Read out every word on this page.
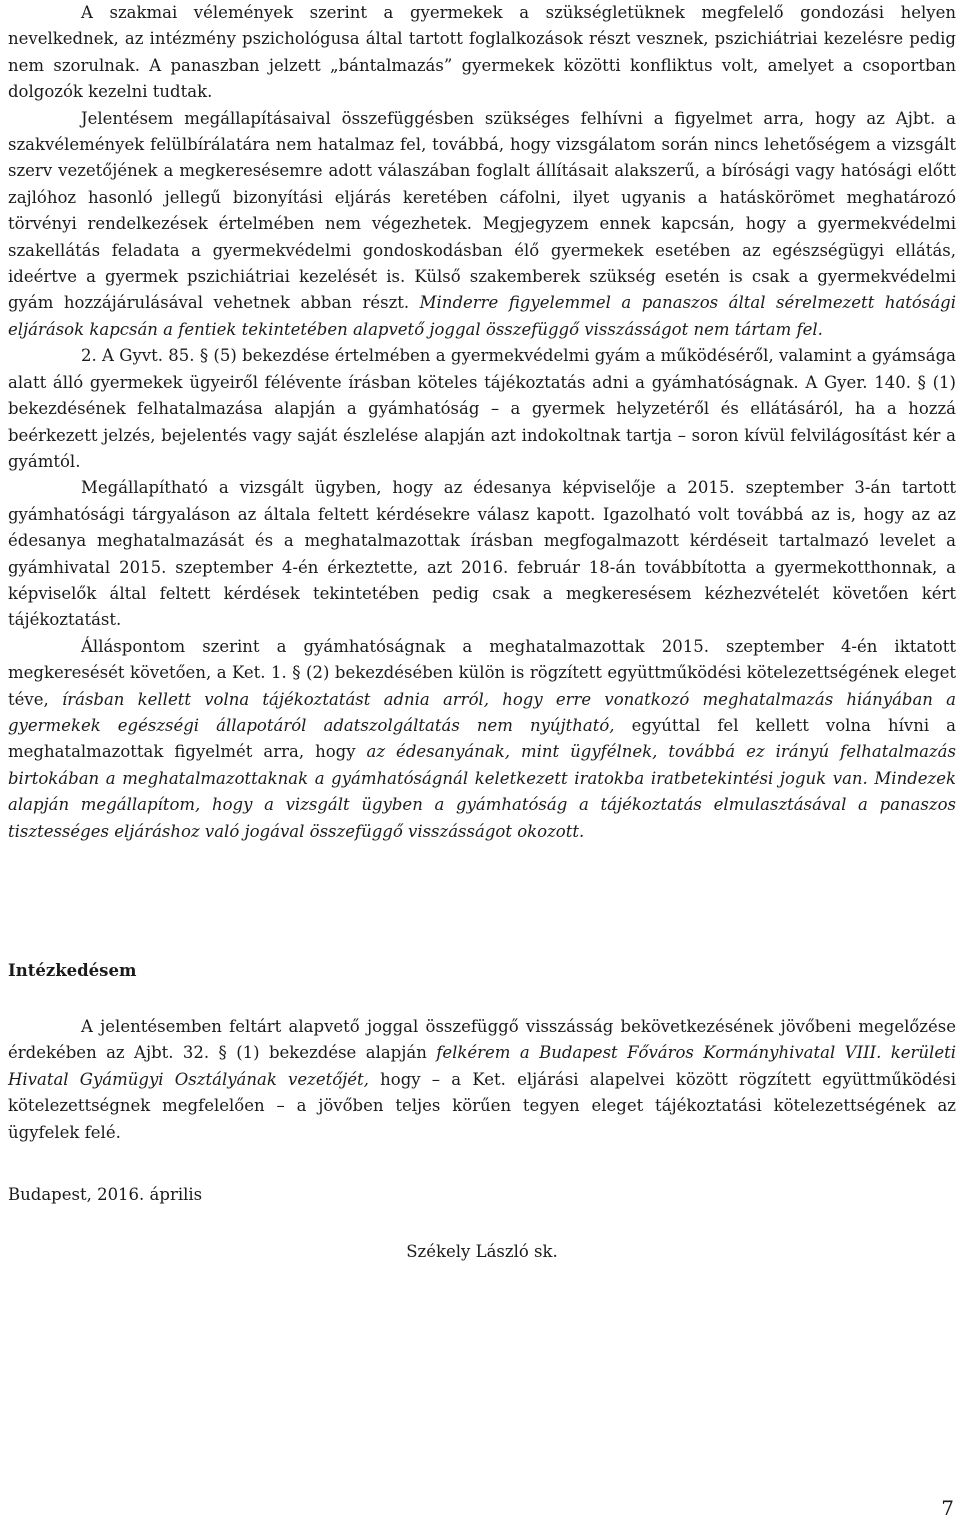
A szakmai vélemények szerint a gyermekek a szükségletüknek megfelelő gondozási helyen nevelkednek, az intézmény pszichológusa által tartott foglalkozások részt vesznek, pszichiátriai kezelésre pedig nem szorulnak. A panaszban jelzett „bántalmazás” gyermekek közötti konfliktus volt, amelyet a csoportban dolgozók kezelni tudtak.

Jelentésem megállapításaival összefüggésben szükséges felhívni a figyelmet arra, hogy az Ajbt. a szakvélemények felülbírálatára nem hatalmaz fel, továbbá, hogy vizsgálatom során nincs lehetőségem a vizsgált szerv vezetőjének a megkeresésemre adott válaszában foglalt állításait alakszerű, a bírósági vagy hatósági előtt zajlóhoz hasonló jellegű bizonyítási eljárás keretében cáfolni, ilyet ugyanis a hatáskörömet meghatározó törvényi rendelkezések értelmében nem végezhetek. Megjegyzem ennek kapcsán, hogy a gyermekvédelmi szakellátás feladata a gyermekvédelmi gondoskodásban élő gyermekek esetében az egészségügyi ellátás, ideértve a gyermek pszichiátriai kezelését is. Külső szakemberek szükség esetén is csak a gyermekvédelmi gyám hozzájárulásával vehetnek abban részt. Minderre figyelemmel a panaszos által sérelmezett hatósági eljárások kapcsán a fentiek tekintetében alapvető joggal összefüggő visszásságot nem tártam fel.

2. A Gyvt. 85. § (5) bekezdése értelmében a gyermekvédelmi gyám a működéséről, valamint a gyámsága alatt álló gyermekek ügyeiről félévente írásban köteles tájékoztatás adni a gyámhatóságnak. A Gyer. 140. § (1) bekezdésének felhatalmazása alapján a gyámhatóság – a gyermek helyzetéről és ellátásáról, ha a hozzá beérkezett jelzés, bejelentés vagy saját észlelése alapján azt indokoltnak tartja – soron kívül felvilágosítást kér a gyámtól.

Megállapítható a vizsgált ügyben, hogy az édesanya képviselője a 2015. szeptember 3-án tartott gyámhatósági tárgyaláson az általa feltett kérdésekre válasz kapott. Igazolható volt továbbá az is, hogy az az édesanya meghatalmazását és a meghatalmazottak írásban megfogalmazott kérdéseit tartalmazó levelet a gyámhivatal 2015. szeptember 4-én érkeztette, azt 2016. február 18-án továbbította a gyermekotthonnak, a képviselők által feltett kérdések tekintetében pedig csak a megkeresésem kézhezvételét követően kért tájékoztatást.

Álláspontom szerint a gyámhatóságnak a meghatalmazottak 2015. szeptember 4-én iktatott megkeresését követően, a Ket. 1. § (2) bekezdésében külön is rögzített együttműködési kötelezettségének eleget téve, írásban kellett volna tájékoztatást adnia arról, hogy erre vonatkozó meghatalmazás hiányában a gyermekek egészségi állapotáról adatszolgáltatás nem nyújtható, egyúttal fel kellett volna hívni a meghatalmazottak figyelmét arra, hogy az édesanyának, mint ügyfélnek, továbbá ez irányú felhatalmazás birtokában a meghatalmazottaknak a gyámhatóságnál keletkezett iratokba iratbetekintési joguk van. Mindezek alapján megállapítom, hogy a vizsgált ügyben a gyámhatóság a tájékoztatás elmulasztásával a panaszos tisztességes eljáráshoz való jogával összefüggő visszásságot okozott.

Intézkedésem

A jelentésemben feltárt alapvető joggal összefüggő visszásság bekövetkezésének jövőbeni megelőzése érdekében az Ajbt. 32. § (1) bekezdése alapján felkérem a Budapest Főváros Kormányhivatal VIII. kerületi Hivatal Gyámügyi Osztályának vezetőjét, hogy – a Ket. eljárási alapelvei között rögzített együttműködési kötelezettségnek megfelelően – a jövőben teljes körűen tegyen eleget tájékoztatási kötelezettségének az ügyfelek felé.

Budapest, 2016. április

Székely László sk.

7
